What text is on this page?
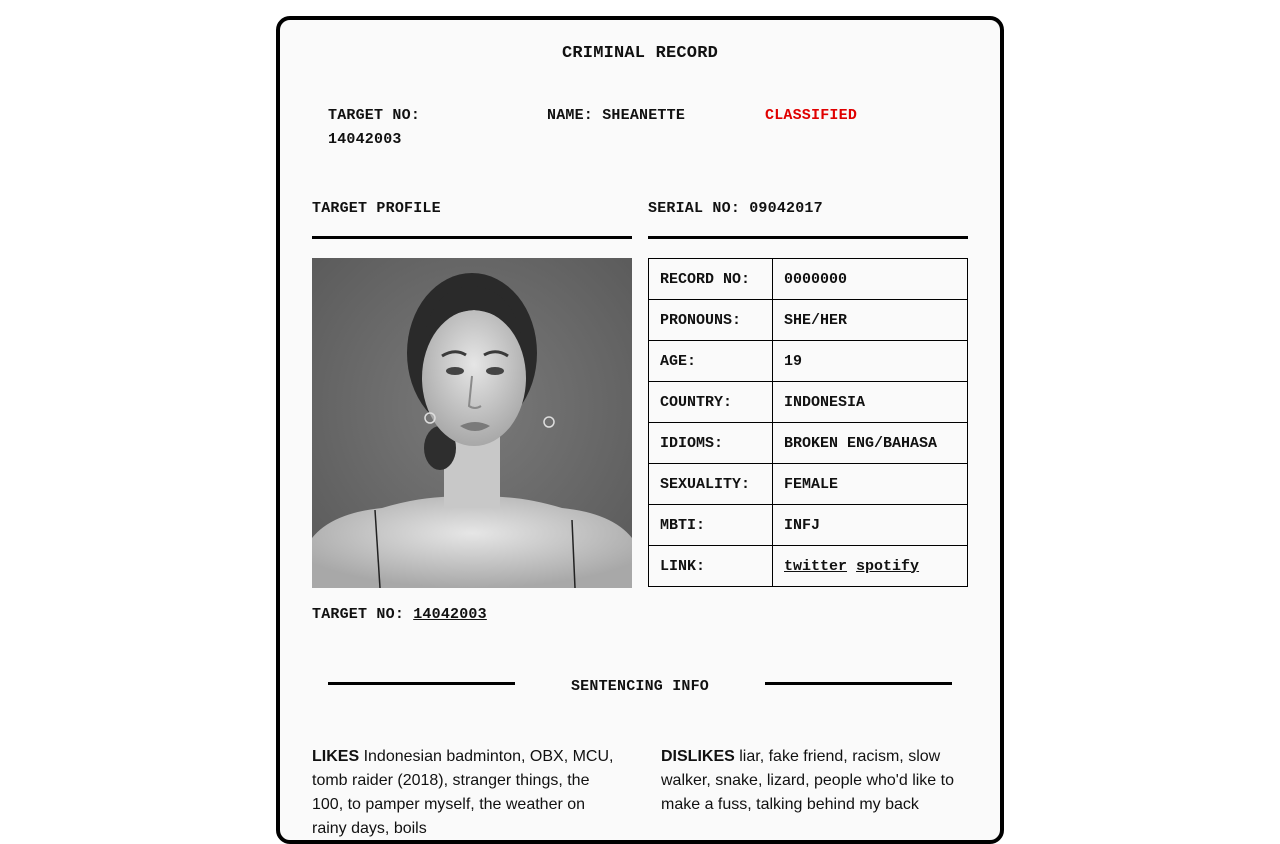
CRIMINAL RECORD
TARGET NO:
14042003
NAME: SHEANETTE	CLASSIFIED
TARGET PROFILE	SERIAL NO: 09042017
RECORD NO:	0000000
PRONOUNS:	SHE/HER
AGE:	19
COUNTRY:	INDONESIA
IDIOMS:	BROKEN ENG/BAHASA
SEXUALITY:	FEMALE
MBTI:	INFJ
LINK:	twitter spotify
TARGET NO: 14042003
SENTENCING INFO
LIKES Indonesian badminton, OBX, MCU, tomb raider (2018), stranger things, the 100, to pamper myself, the weather on rainy days, boils
DISLIKES liar, fake friend, racism, slow walker, snake, lizard, people who'd like to make a fuss, talking behind my back
